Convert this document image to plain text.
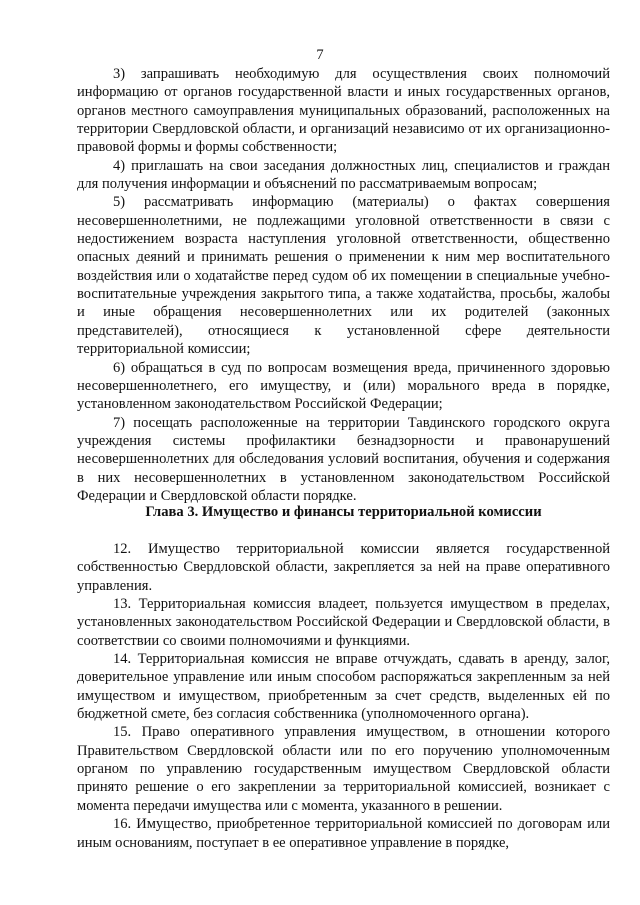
7

3) запрашивать необходимую для осуществления своих полномочий информацию от органов государственной власти и иных государственных органов, органов местного самоуправления муниципальных образований, расположенных на территории Свердловской области, и организаций независимо от их организационно-правовой формы и формы собственности;

4) приглашать на свои заседания должностных лиц, специалистов и граждан для получения информации и объяснений по рассматриваемым вопросам;

5) рассматривать информацию (материалы) о фактах совершения несовершеннолетними, не подлежащими уголовной ответственности в связи с недостижением возраста наступления уголовной ответственности, общественно опасных деяний и принимать решения о применении к ним мер воспитательного воздействия или о ходатайстве перед судом об их помещении в специальные учебно-воспитательные учреждения закрытого типа, а также ходатайства, просьбы, жалобы и иные обращения несовершеннолетних или их родителей (законных представителей), относящиеся к установленной сфере деятельности территориальной комиссии;

6) обращаться в суд по вопросам возмещения вреда, причиненного здоровью несовершеннолетнего, его имуществу, и (или) морального вреда в порядке, установленном законодательством Российской Федерации;

7) посещать расположенные на территории Тавдинского городского округа учреждения системы профилактики безнадзорности и правонарушений несовершеннолетних для обследования условий воспитания, обучения и содержания в них несовершеннолетних в установленном законодательством Российской Федерации и Свердловской области порядке.

Глава 3. Имущество и финансы территориальной комиссии

12. Имущество территориальной комиссии является государственной собственностью Свердловской области, закрепляется за ней на праве оперативного управления.

13. Территориальная комиссия владеет, пользуется имуществом в пределах, установленных законодательством Российской Федерации и Свердловской области, в соответствии со своими полномочиями и функциями.

14. Территориальная комиссия не вправе отчуждать, сдавать в аренду, залог, доверительное управление или иным способом распоряжаться закрепленным за ней имуществом и имуществом, приобретенным за счет средств, выделенных ей по бюджетной смете, без согласия собственника (уполномоченного органа).

15. Право оперативного управления имуществом, в отношении которого Правительством Свердловской области или по его поручению уполномоченным органом по управлению государственным имуществом Свердловской области принято решение о его закреплении за территориальной комиссией, возникает с момента передачи имущества или с момента, указанного в решении.

16. Имущество, приобретенное территориальной комиссией по договорам или иным основаниям, поступает в ее оперативное управление в порядке,
